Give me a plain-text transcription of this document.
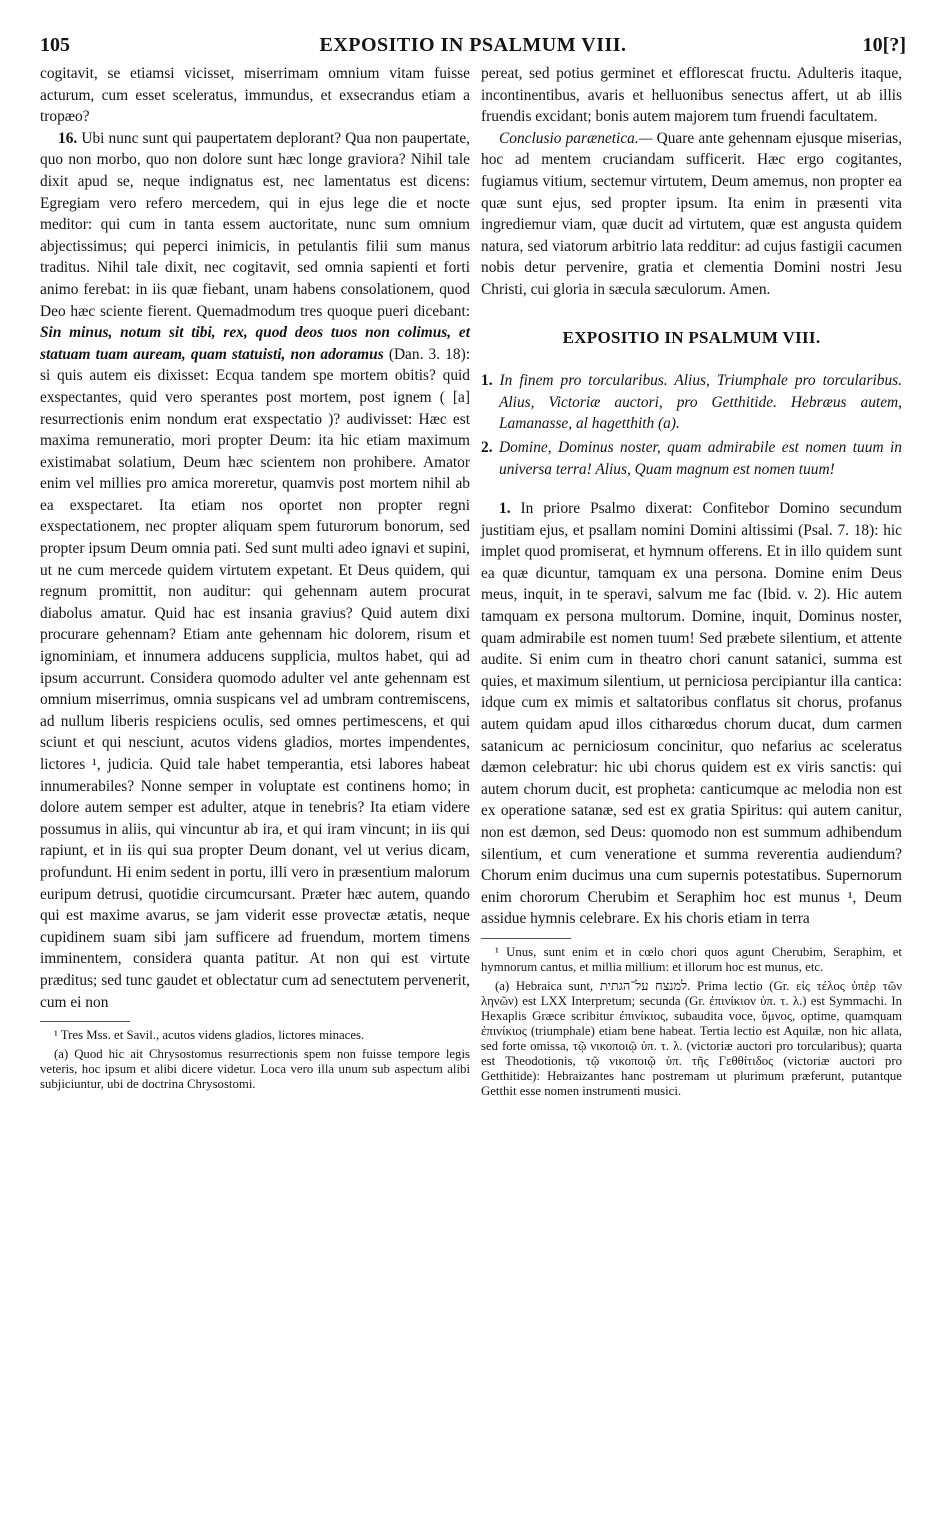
105	EXPOSITIO IN PSALMUM VIII.	10[?]

cogitavit, se etiamsi vicisset, miserrimam omnium vitam fuisse acturum, cum esset sceleratus, immundus, et exsecrandus etiam a tropæo?

16. Ubi nunc sunt qui paupertatem deplorant? Qua non paupertate, quo non morbo, quo non dolore sunt hæc longe graviora? Nihil tale dixit apud se, neque indignatus est, nec lamentatus est dicens: Egregiam vero refero mercedem, qui in ejus lege die et nocte meditor: qui cum in tanta essem auctoritate, nunc sum omnium abjectissimus; qui peperci inimicis, in petulantis filii sum manus traditus. Nihil tale dixit, nec cogitavit, sed omnia sapienti et forti animo ferebat: in iis quæ fiebant, unam habens consolationem, quod Deo hæc sciente fierent. Quemadmodum tres quoque pueri dicebant: Sin minus, notum sit tibi, rex, quod deos tuos non colimus, et statuam tuam auream, quam statuisti, non adoramus (Dan. 3. 18): si quis autem eis dixisset: Ecqua tandem spe mortem obitis? quid exspectantes, quid vero sperantes post mortem, post ignem ( [a] resurrectionis enim nondum erat exspectatio )? audivisset: Hæc est maxima remuneratio, mori propter Deum: ita hic etiam maximum existimabat solatium, Deum hæc scientem non prohibere. Amator enim vel millies pro amica moreretur, quamvis post mortem nihil ab ea exspectaret. Ita etiam nos oportet non propter regni exspectationem, nec propter aliquam spem futurorum bonorum, sed propter ipsum Deum omnia pati. Sed sunt multi adeo ignavi et supini, ut ne cum mercede quidem virtutem expetant. Et Deus quidem, qui regnum promittit, non auditur: qui gehennam autem procurat diabolus amatur. Quid hac est insania gravius? Quid autem dixi procurare gehennam? Etiam ante gehennam hic dolorem, risum et ignominiam, et innumera adducens supplicia, multos habet, qui ad ipsum accurrunt. Considera quomodo adulter vel ante gehennam est omnium miserrimus, omnia suspicans vel ad umbram contremiscens, ad nullum liberis respiciens oculis, sed omnes pertimescens, et qui sciunt et qui nesciunt, acutos videns gladios, mortes impendentes, lictores ¹, judicia. Quid tale habet temperantia, etsi labores habeat innumerabiles? Nonne semper in voluptate est continens homo; in dolore autem semper est adulter, atque in tenebris? Ita etiam videre possumus in aliis, qui vincuntur ab ira, et qui iram vincunt; in iis qui rapiunt, et in iis qui sua propter Deum donant, vel ut verius dicam, profundunt. Hi enim sedent in portu, illi vero in præsentium malorum euripum detrusi, quotidie circumcursant. Præter hæc autem, quando qui est maxime avarus, se jam viderit esse provectæ ætatis, neque cupidinem suam sibi jam sufficere ad fruendum, mortem timens imminentem, considera quanta patitur. At non qui est virtute præditus; sed tunc gaudet et oblectatur cum ad senectutem pervenerit, cum ei non

¹ Tres Mss. et Savil., acutos videns gladios, lictores minaces.

(a) Quod hic ait Chrysostomus resurrectionis spem non fuisse tempore legis veteris, hoc ipsum et alibi dicere videtur. Loca vero illa unum sub aspectum alibi subjiciuntur, ubi de doctrina Chrysostomi.

pereat, sed potius germinet et efflorescat fructu. Adulteris itaque, incontinentibus, avaris et helluonibus senectus affert, ut ab illis fruendis excidant; bonis autem majorem tum fruendi facultatem.

Conclusio parænetica.— Quare ante gehennam ejusque miserias, hoc ad mentem cruciandam sufficerit. Hæc ergo cogitantes, fugiamus vitium, sectemur virtutem, Deum amemus, non propter ea quæ sunt ejus, sed propter ipsum. Ita enim in præsenti vita ingrediemur viam, quæ ducit ad virtutem, quæ est angusta quidem natura, sed viatorum arbitrio lata redditur: ad cujus fastigii cacumen nobis detur pervenire, gratia et clementia Domini nostri Jesu Christi, cui gloria in sæcula sæculorum. Amen.

EXPOSITIO IN PSALMUM VIII.

1. In finem pro torcularibus. Alius, Triumphale pro torcularibus. Alius, Victoriæ auctori, pro Getthitide. Hebræus autem, Lamanasse, al hagetthith (a).

2. Domine, Dominus noster, quam admirabile est nomen tuum in universa terra! Alius, Quam magnum est nomen tuum!

1. In priore Psalmo dixerat: Confitebor Domino secundum justitiam ejus, et psallam nomini Domini altissimi (Psal. 7. 18): hic implet quod promiserat, et hymnum offerens. Et in illo quidem sunt ea quæ dicuntur, tamquam ex una persona. Domine enim Deus meus, inquit, in te speravi, salvum me fac (Ibid. v. 2). Hic autem tamquam ex persona multorum. Domine, inquit, Dominus noster, quam admirabile est nomen tuum! Sed præbete silentium, et attente audite. Si enim cum in theatro chori canunt satanici, summa est quies, et maximum silentium, ut perniciosa percipiantur illa cantica: idque cum ex mimis et saltatoribus conflatus sit chorus, profanus autem quidam apud illos citharœdus chorum ducat, dum carmen satanicum ac perniciosum concinitur, quo nefarius ac sceleratus dæmon celebratur: hic ubi chorus quidem est ex viris sanctis: qui autem chorum ducit, est propheta: canticumque ac melodia non est ex operatione satanæ, sed est ex gratia Spiritus: qui autem canitur, non est dæmon, sed Deus: quomodo non est summum adhibendum silentium, et cum veneratione et summa reverentia audiendum? Chorum enim ducimus una cum supernis potestatibus. Supernorum enim chororum Cherubim et Seraphim hoc est munus ¹, Deum assidue hymnis celebrare. Ex his choris etiam in terra

¹ Unus, sunt enim et in cœlo chori quos agunt Cherubim, Seraphim, et hymnorum cantus, et millia millium: et illorum hoc est munus, etc.

(a) Hebraica sunt, למנצח על־הגתית. Prima lectio (Gr. εἰς τέλος ὑπὲρ τῶν ληνῶν) est LXX Interpretum; secunda (Gr. ἐπινίκιον ὑπ. τ. λ.) est Symmachi. In Hexaplis Græce scribitur ἐπινίκιος, subaudita voce, ὕμνος, optime, quamquam ἐπινίκιος (triumphale) etiam bene habeat. Tertia lectio est Aquilæ, non hic allata, sed forte omissa, τῷ νικοποιῷ ὑπ. τ. λ. (victoriæ auctori pro torcularibus); quarta est Theodotionis, τῷ νικοποιῷ ὑπ. τῆς Γεθθίτιδος (victoriæ auctori pro Getthitide): Hebraizantes hanc postremam ut plurimum præferunt, putantque Getthit esse nomen instrumenti musici.
